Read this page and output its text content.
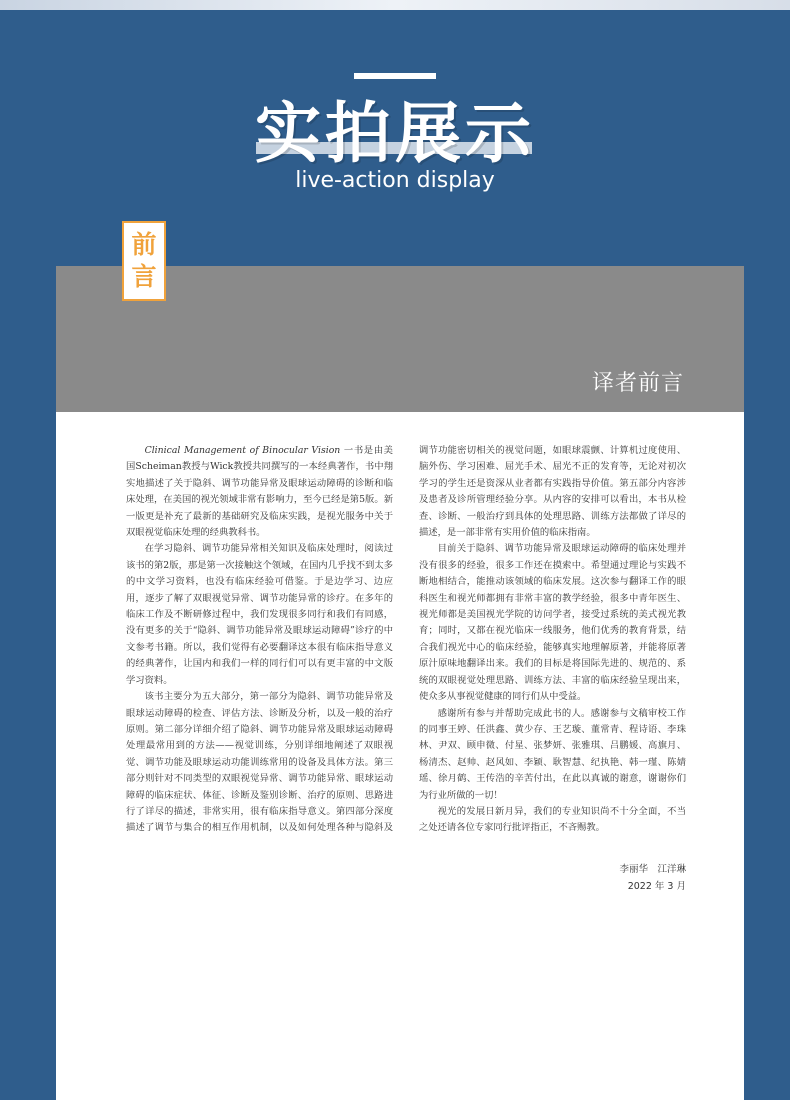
实拍展示
live-action display
译者前言
前
言

Clinical Management of Binocular Vision 一书是由美国Scheiman教授与Wick教授共同撰写的一本经典著作，书中翔实地描述了关于隐斜、调节功能异常及眼球运动障碍的诊断和临床处理，在美国的视光领域非常有影响力，至今已经是第5版。新一版更是补充了最新的基础研究及临床实践，是视光服务中关于双眼视觉临床处理的经典教科书。

在学习隐斜、调节功能异常相关知识及临床处理时，阅读过该书的第2版，那是第一次接触这个领域，在国内几乎找不到太多的中文学习资料，也没有临床经验可借鉴。于是边学习、边应用，逐步了解了双眼视觉异常、调节功能异常的诊疗。在多年的临床工作及不断研修过程中，我们发现很多同行和我们有同感，没有更多的关于“隐斜、调节功能异常及眼球运动障碍”诊疗的中文参考书籍。所以，我们觉得有必要翻译这本很有临床指导意义的经典著作，让国内和我们一样的同行们可以有更丰富的中文版学习资料。

该书主要分为五大部分，第一部分为隐斜、调节功能异常及眼球运动障碍的检查、评估方法、诊断及分析，以及一般的治疗原则。第二部分详细介绍了隐斜、调节功能异常及眼球运动障碍处理最常用到的方法——视觉训练，分别详细地阐述了双眼视觉、调节功能及眼球运动功能训练常用的设备及具体方法。第三部分则针对不同类型的双眼视觉异常、调节功能异常、眼球运动障碍的临床症状、体征、诊断及鉴别诊断、治疗的原则、思路进行了详尽的描述，非常实用，很有临床指导意义。第四部分深度描述了调节与集合的相互作用机制，以及如何处理各种与隐斜及调节功能密切相关的视觉问题，如眼球震颤、计算机过度使用、脑外伤、学习困难、屈光手术、屈光不正的发育等，无论对初次学习的学生还是资深从业者都有实践指导价值。第五部分内容涉及患者及诊所管理经验分享。从内容的安排可以看出，本书从检查、诊断、一般治疗到具体的处理思路、训练方法都做了详尽的描述，是一部非常有实用价值的临床指南。

目前关于隐斜、调节功能异常及眼球运动障碍的临床处理并没有很多的经验，很多工作还在摸索中。希望通过理论与实践不断地相结合，能推动该领域的临床发展。这次参与翻译工作的眼科医生和视光师都拥有非常丰富的教学经验，很多中青年医生、视光师都是美国视光学院的访问学者，接受过系统的美式视光教育；同时，又都在视光临床一线服务，他们优秀的教育背景，结合我们视光中心的临床经验，能够真实地理解原著，并能将原著原汁原味地翻译出来。我们的目标是将国际先进的、规范的、系统的双眼视觉处理思路、训练方法、丰富的临床经验呈现出来，使众多从事视觉健康的同行们从中受益。

感谢所有参与并帮助完成此书的人。感谢参与文稿审校工作的同事王婷、任洪鑫、黄少存、王艺璇、董常青、程诗语、李珠林、尹双、顾申微、付星、张梦妍、张雅琪、吕鹏媛、高旗月、杨清杰、赵帅、赵风如、李颖、耿智慧、纪执艳、韩一瑾、陈婧瑶、徐月鹤、王传浩的辛苦付出，在此以真诚的谢意，谢谢你们为行业所做的一切！

视光的发展日新月异，我们的专业知识尚不十分全面，不当之处还请各位专家同行批评指正，不吝赐教。

李丽华　江洋琳
2022 年 3 月
